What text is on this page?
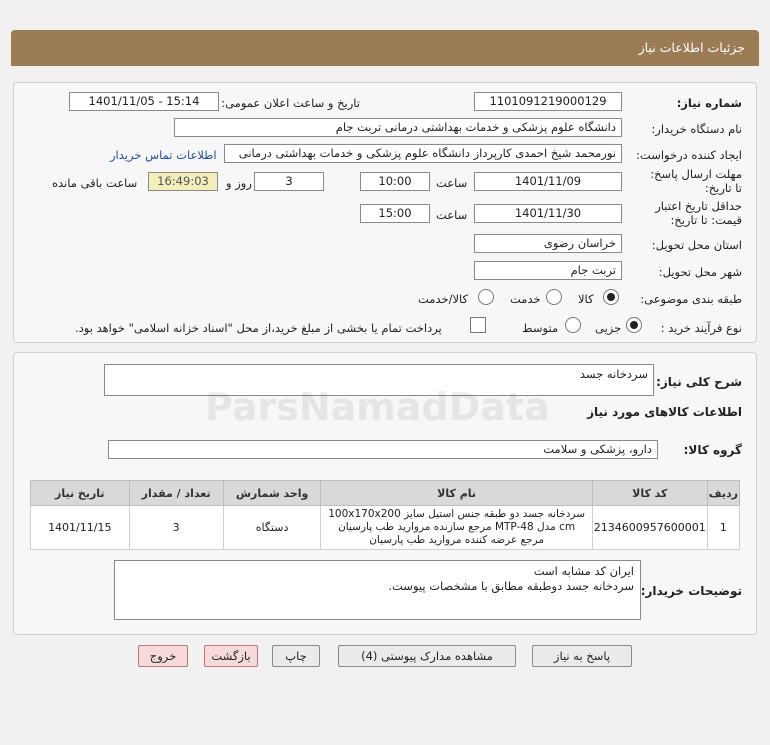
جزئیات اطلاعات نیاز
شماره نیاز:
1101091219000129
تاریخ و ساعت اعلان عمومی:
1401/11/05 - 15:14
نام دستگاه خریدار:
دانشگاه علوم پزشکی و خدمات بهداشتی درمانی تربت جام
ایجاد کننده درخواست:
نورمحمد شیخ احمدی کارپرداز دانشگاه علوم پزشکی و خدمات بهداشتی درمانی
اطلاعات تماس خریدار
مهلت ارسال پاسخ: تا تاریخ:
1401/11/09
ساعت
10:00
3
روز و
16:49:03
ساعت باقی مانده
حداقل تاریخ اعتبار قیمت: تا تاریخ:
1401/11/30
ساعت
15:00
استان محل تحویل:
خراسان رضوی
شهر محل تحویل:
تربت جام
طبقه بندی موضوعی:
کالا
خدمت
کالا/خدمت
نوع فرآیند خرید :
جزیی
متوسط
پرداخت تمام یا بخشی از مبلغ خرید،از محل "اسناد خزانه اسلامی" خواهد بود.
شرح کلی نیاز:
سردخانه جسد
اطلاعات کالاهای مورد نیاز
گروه کالا:
دارو، پزشکی و سلامت
ردیف	کد کالا	نام کالا	واحد شمارش	تعداد / مقدار	تاریخ نیاز
1	2134600957600001	سردخانه جسد دو طبقه جنس استیل سایز 100x170x200 cm مدل MTP-48 مرجع سازنده مروارید طب پارسیان مرجع عرضه کننده مروارید طب پارسیان	دستگاه	3	1401/11/15
توضیحات خریدار:
ایران کد مشابه است
سردخانه جسد دوطبقه مطابق با مشخصات پیوست.
پاسخ به نیاز
مشاهده مدارک پیوستی (4)
چاپ
بازگشت
خروج
